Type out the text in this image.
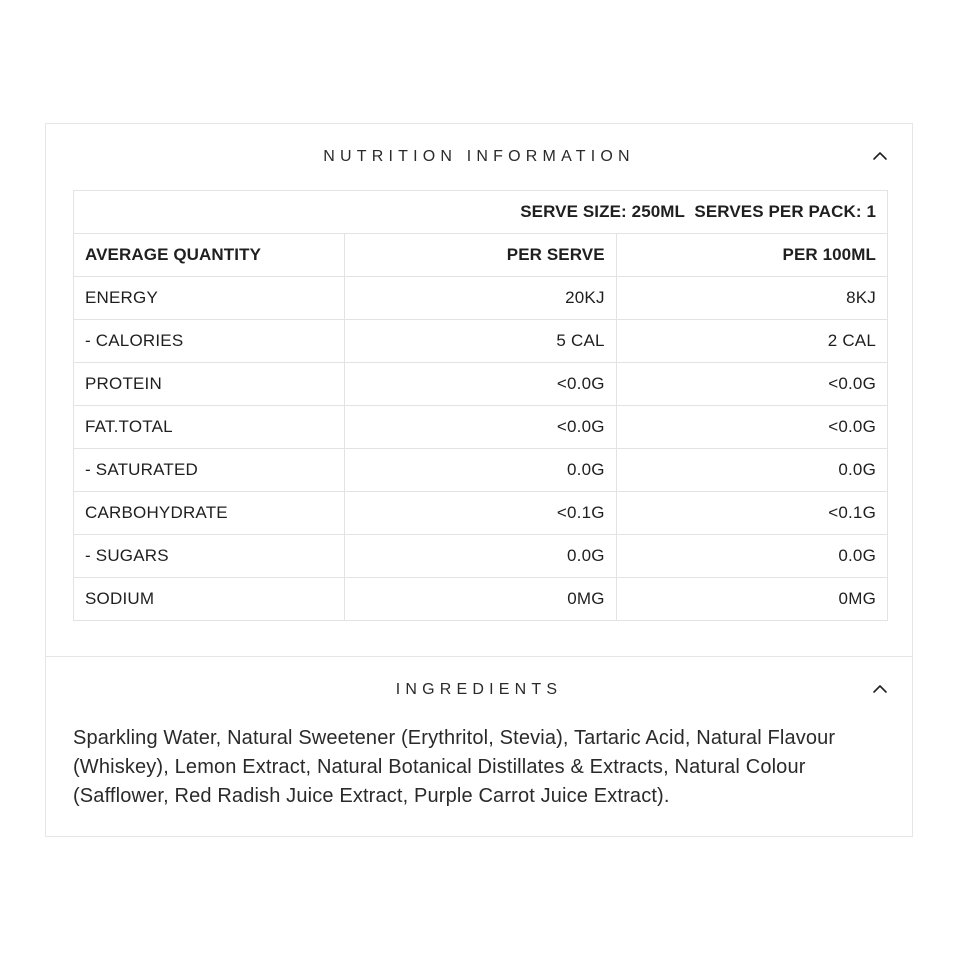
NUTRITION INFORMATION
SERVE SIZE: 250ML  SERVES PER PACK: 1		
AVERAGE QUANTITY	PER SERVE	PER 100ML
ENERGY	20KJ	8KJ
- CALORIES	5 CAL	2 CAL
PROTEIN	<0.0G	<0.0G
FAT.TOTAL	<0.0G	<0.0G
- SATURATED	0.0G	0.0G
CARBOHYDRATE	<0.1G	<0.1G
- SUGARS	0.0G	0.0G
SODIUM	0MG	0MG
INGREDIENTS
Sparkling Water, Natural Sweetener (Erythritol, Stevia), Tartaric Acid, Natural Flavour (Whiskey), Lemon Extract, Natural Botanical Distillates & Extracts, Natural Colour (Safflower, Red Radish Juice Extract, Purple Carrot Juice Extract).
